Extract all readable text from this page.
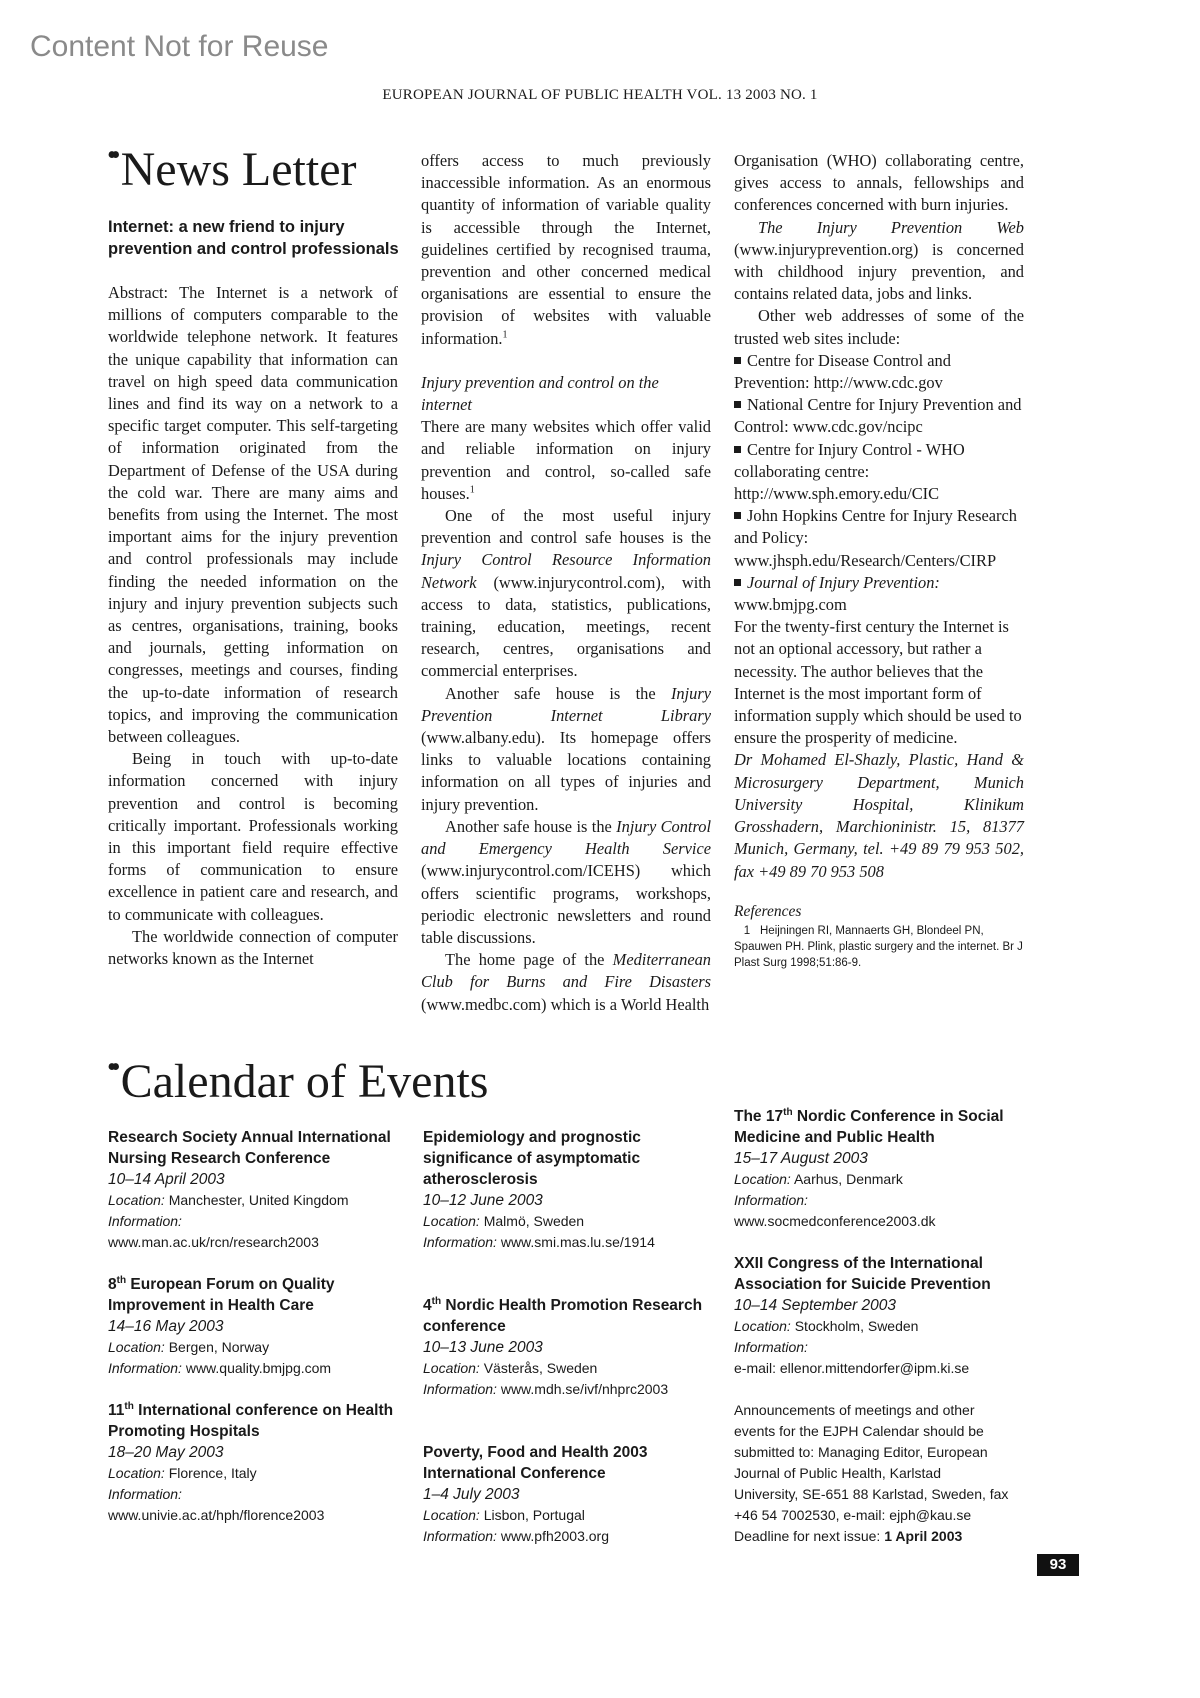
Content Not for Reuse
EUROPEAN JOURNAL OF PUBLIC HEALTH VOL. 13 2003 NO. 1
•• News Letter
Internet: a new friend to injury prevention and control professionals

Abstract: The Internet is a network of millions of computers comparable to the worldwide telephone network. It features the unique capability that information can travel on high speed data communication lines and find its way on a network to a specific target computer. This self-targeting of information originated from the Department of Defense of the USA during the cold war. There are many aims and benefits from using the Internet. The most important aims for the injury prevention and control professionals may include finding the needed information on the injury and injury prevention subjects such as centres, organisations, training, books and journals, getting information on congresses, meetings and courses, finding the up-to-date information of research topics, and improving the communication between colleagues.

Being in touch with up-to-date information concerned with injury prevention and control is becoming critically important. Professionals working in this important field require effective forms of communication to ensure excellence in patient care and research, and to communicate with colleagues.

The worldwide connection of computer networks known as the Internet

offers access to much previously inaccessible information. As an enormous quantity of information of variable quality is accessible through the Internet, guidelines certified by recognised trauma, prevention and other concerned medical organisations are essential to ensure the provision of websites with valuable information.$^1$

Injury prevention and control on the internet

There are many websites which offer valid and reliable information on injury prevention and control, so-called safe houses.$^1$

One of the most useful injury prevention and control safe houses is the Injury Control Resource Information Network (www.injurycontrol.com), with access to data, statistics, publications, training, education, meetings, recent research, centres, organisations and commercial enterprises.

Another safe house is the Injury Prevention Internet Library (www.albany.edu). Its homepage offers links to valuable locations containing information on all types of injuries and injury prevention.

Another safe house is the Injury Control and Emergency Health Service (www.injurycontrol.com/ICEHS) which offers scientific programs, workshops, periodic electronic newsletters and round table discussions.

The home page of the Mediterranean Club for Burns and Fire Disasters (www.medbc.com) which is a World Health

Organisation (WHO) collaborating centre, gives access to annals, fellowships and conferences concerned with burn injuries.

The Injury Prevention Web (www.injuryprevention.org) is concerned with childhood injury prevention, and contains related data, jobs and links.

Other web addresses of some of the trusted web sites include:

Centre for Disease Control and Prevention: http://www.cdc.gov

National Centre for Injury Prevention and Control: www.cdc.gov/ncipc

Centre for Injury Control - WHO collaborating centre: http://www.sph.emory.edu/CIC

John Hopkins Centre for Injury Research and Policy: www.jhsph.edu/Research/Centers/CIRP

Journal of Injury Prevention: www.bmjpg.com

For the twenty-first century the Internet is not an optional accessory, but rather a necessity. The author believes that the Internet is the most important form of information supply which should be used to ensure the prosperity of medicine.

Dr Mohamed El-Shazly, Plastic, Hand & Microsurgery Department, Munich University Hospital, Klinikum Grosshadern, Marchioninistr. 15, 81377 Munich, Germany, tel. +49 89 79 953 502, fax +49 89 70 953 508

References
1 Heijningen RI, Mannaerts GH, Blondeel PN, Spauwen PH. Plink, plastic surgery and the internet. Br J Plast Surg 1998;51:86-9.
•• Calendar of Events
Research Society Annual International Nursing Research Conference
10–14 April 2003
Location: Manchester, United Kingdom
Information:
www.man.ac.uk/rcn/research2003
8th European Forum on Quality Improvement in Health Care
14–16 May 2003
Location: Bergen, Norway
Information: www.quality.bmjpg.com
11th International conference on Health Promoting Hospitals
18–20 May 2003
Location: Florence, Italy
Information:
www.univie.ac.at/hph/florence2003
Epidemiology and prognostic significance of asymptomatic atherosclerosis
10–12 June 2003
Location: Malmö, Sweden
Information: www.smi.mas.lu.se/1914
4th Nordic Health Promotion Research conference
10–13 June 2003
Location: Västerås, Sweden
Information: www.mdh.se/ivf/nhprc2003
Poverty, Food and Health 2003 International Conference
1–4 July 2003
Location: Lisbon, Portugal
Information: www.pfh2003.org
The 17th Nordic Conference in Social Medicine and Public Health
15–17 August 2003
Location: Aarhus, Denmark
Information:
www.socmedconference2003.dk
XXII Congress of the International Association for Suicide Prevention
10–14 September 2003
Location: Stockholm, Sweden
Information:
e-mail: ellenor.mittendorfer@ipm.ki.se
Announcements of meetings and other events for the EJPH Calendar should be submitted to: Managing Editor, European Journal of Public Health, Karlstad University, SE-651 88 Karlstad, Sweden, fax +46 54 7002530, e-mail: ejph@kau.se
Deadline for next issue: 1 April 2003
93
